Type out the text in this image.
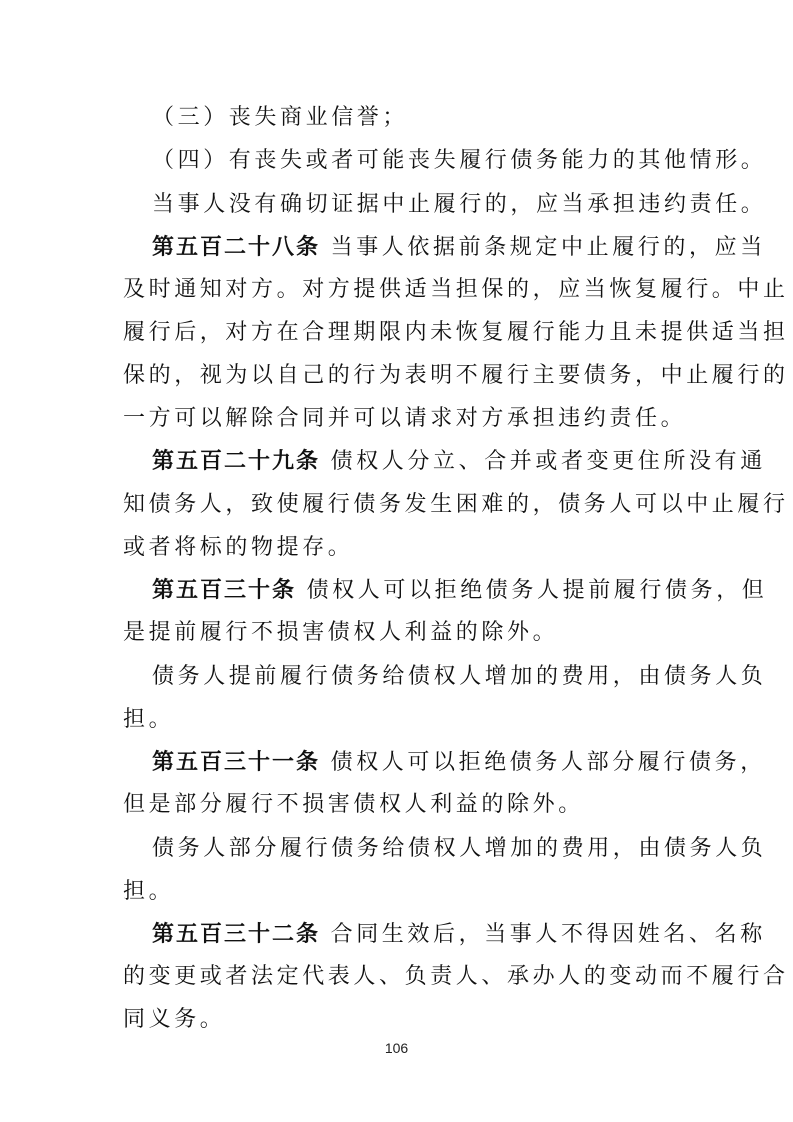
（三）丧失商业信誉；
（四）有丧失或者可能丧失履行债务能力的其他情形。
当事人没有确切证据中止履行的，应当承担违约责任。
第五百二十八条 当事人依据前条规定中止履行的，应当
及时通知对方。对方提供适当担保的，应当恢复履行。中止
履行后，对方在合理期限内未恢复履行能力且未提供适当担
保的，视为以自己的行为表明不履行主要债务，中止履行的
一方可以解除合同并可以请求对方承担违约责任。
第五百二十九条 债权人分立、合并或者变更住所没有通
知债务人，致使履行债务发生困难的，债务人可以中止履行
或者将标的物提存。
第五百三十条 债权人可以拒绝债务人提前履行债务，但
是提前履行不损害债权人利益的除外。
债务人提前履行债务给债权人增加的费用，由债务人负
担。
第五百三十一条 债权人可以拒绝债务人部分履行债务，
但是部分履行不损害债权人利益的除外。
债务人部分履行债务给债权人增加的费用，由债务人负
担。
第五百三十二条 合同生效后，当事人不得因姓名、名称
的变更或者法定代表人、负责人、承办人的变动而不履行合
同义务。
106
